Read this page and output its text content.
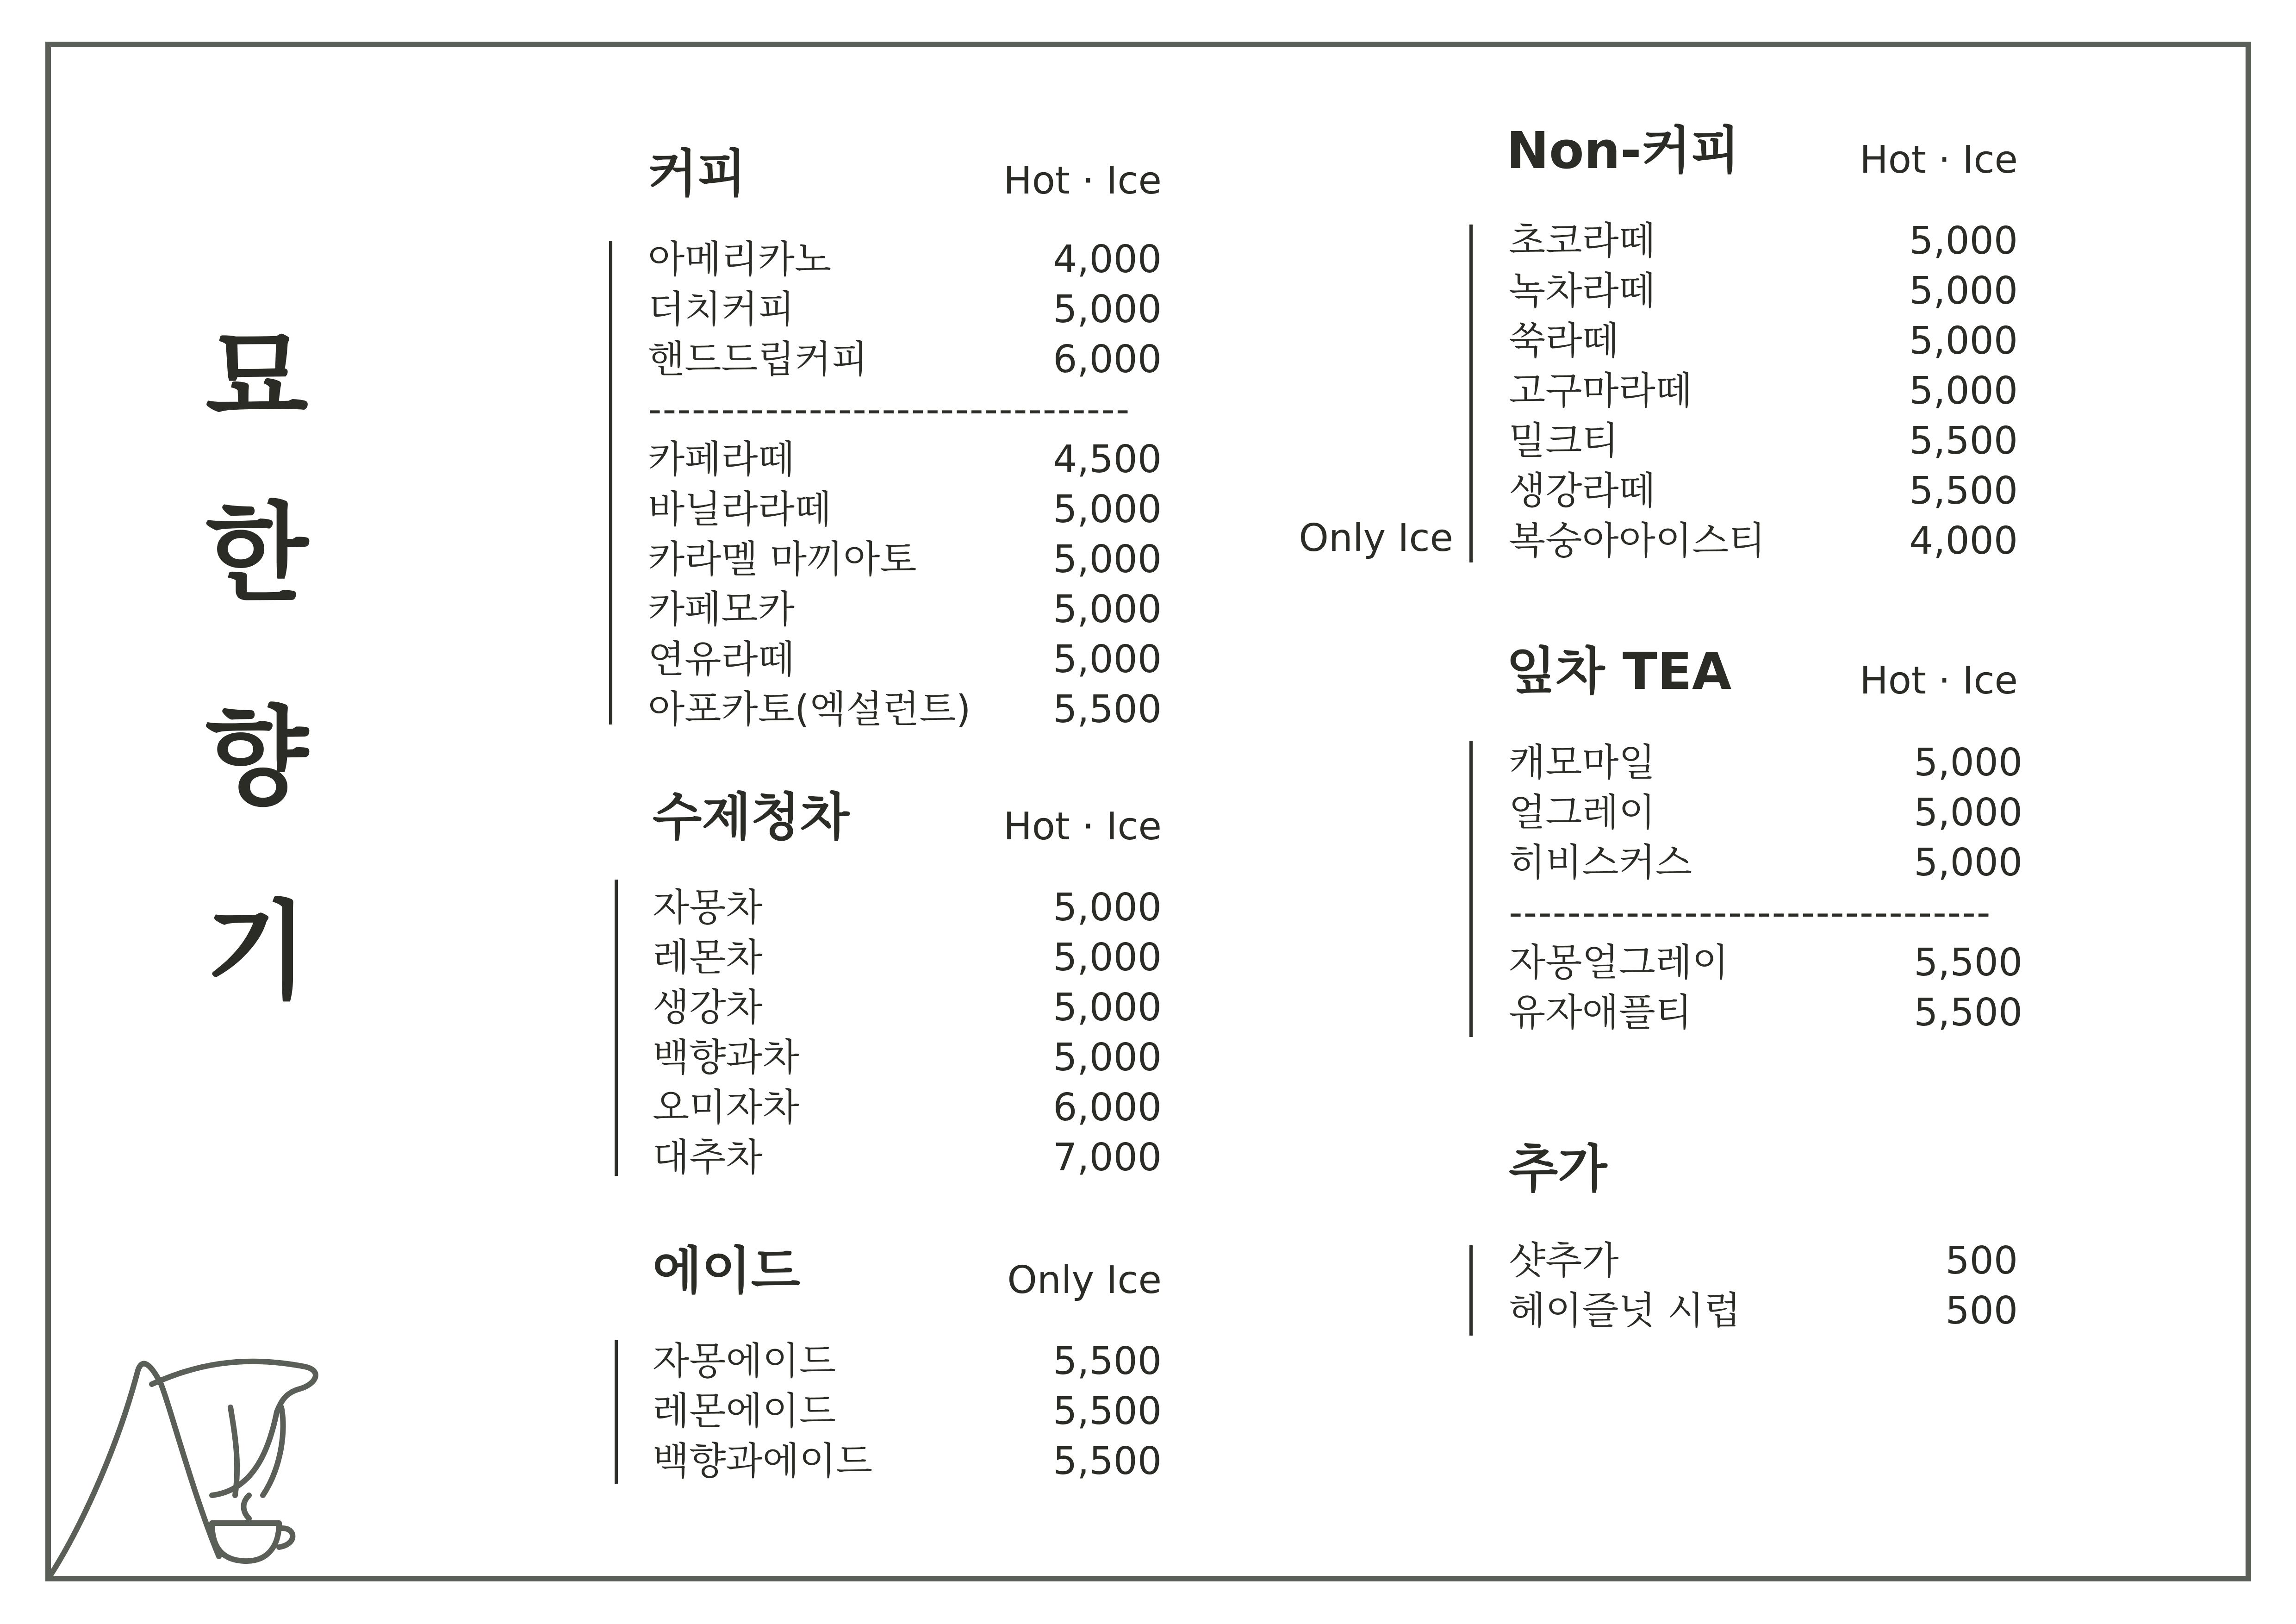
묘
한
향
기
커피	Hot · Ice
아메리카노	4,000
더치커피	5,000
핸드드립커피	6,000
---------------------------------
카페라떼	4,500
바닐라라떼	5,000
카라멜 마끼아토	5,000
카페모카	5,000
연유라떼	5,000
아포카토(엑설런트) 5,500
수제청차	Hot · Ice
자몽차	5,000
레몬차	5,000
생강차	5,000
백향과차	5,000
오미자차	6,000
대추차	7,000
에이드	Only Ice
자몽에이드	5,500
레몬에이드	5,500
백향과에이드	5,500
Non-커피	Hot · Ice
Only Ice
초코라떼	5,000
녹차라떼	5,000
쑥라떼	5,000
고구마라떼	5,000
밀크티	5,500
생강라떼	5,500
복숭아아이스티	4,000
잎차 TEA	Hot · Ice
캐모마일	5,000
얼그레이	5,000
히비스커스	5,000
---------------------------------
자몽얼그레이	5,500
유자애플티	5,500
추가
샷추가	500
헤이즐넛 시럽	500
